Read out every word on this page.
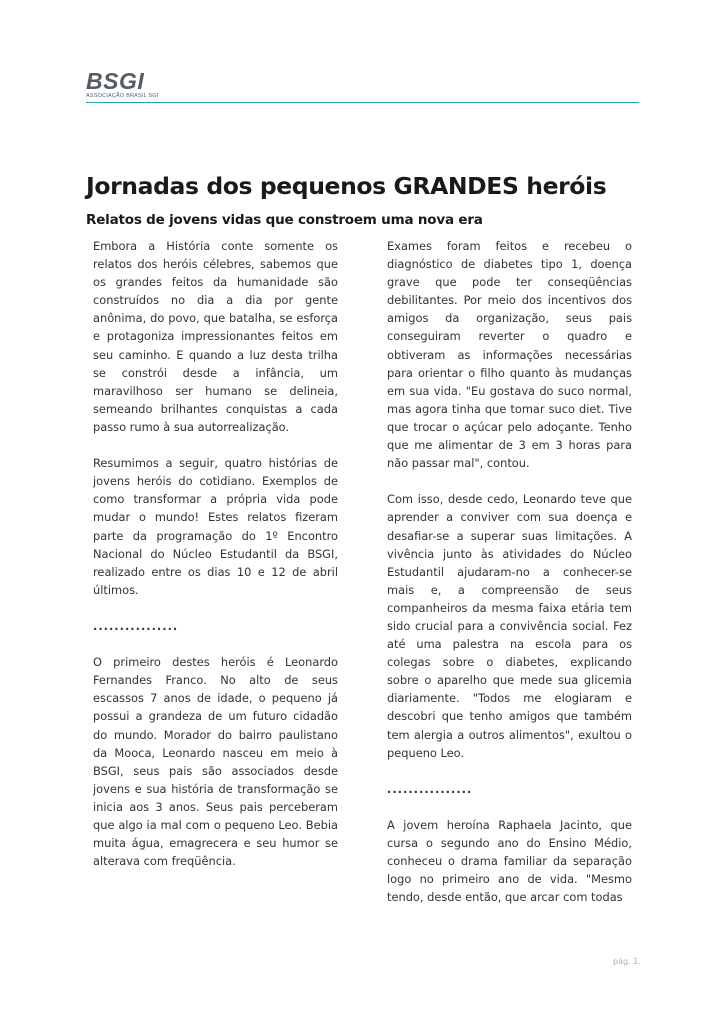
BSGI
ASSOCIAÇÃO BRASIL SGI
Jornadas dos pequenos GRANDES heróis
Relatos de jovens vidas que constroem uma nova era

Embora a História conte somente os relatos dos heróis célebres, sabemos que os grandes feitos da humanidade são construídos no dia a dia por gente anônima, do povo, que batalha, se esforça e protagoniza impressionantes feitos em seu caminho. E quando a luz desta trilha se constrói desde a infância, um maravilhoso ser humano se delineia, semeando brilhantes conquistas a cada passo rumo à sua autorrealização.

Resumimos a seguir, quatro histórias de jovens heróis do cotidiano. Exemplos de como transformar a própria vida pode mudar o mundo! Estes relatos fizeram parte da programação do 1º Encontro Nacional do Núcleo Estudantil da BSGI, realizado entre os dias 10 e 12 de abril últimos.

................

O primeiro destes heróis é Leonardo Fernandes Franco. No alto de seus escassos 7 anos de idade, o pequeno já possui a grandeza de um futuro cidadão do mundo. Morador do bairro paulistano da Mooca, Leonardo nasceu em meio à BSGI, seus pais são associados desde jovens e sua história de transformação se inicia aos 3 anos. Seus pais perceberam que algo ia mal com o pequeno Leo. Bebia muita água, emagrecera e seu humor se alterava com freqüência.

Exames foram feitos e recebeu o diagnóstico de diabetes tipo 1, doença grave que pode ter conseqüências debilitantes. Por meio dos incentivos dos amigos da organização, seus pais conseguiram reverter o quadro e obtiveram as informações necessárias para orientar o filho quanto às mudanças em sua vida. "Eu gostava do suco normal, mas agora tinha que tomar suco diet. Tive que trocar o açúcar pelo adoçante. Tenho que me alimentar de 3 em 3 horas para não passar mal", contou.

Com isso, desde cedo, Leonardo teve que aprender a conviver com sua doença e desafiar-se a superar suas limitações. A vivência junto às atividades do Núcleo Estudantil ajudaram-no a conhecer-se mais e, a compreensão de seus companheiros da mesma faixa etária tem sido crucial para a convivência social. Fez até uma palestra na escola para os colegas sobre o diabetes, explicando sobre o aparelho que mede sua glicemia diariamente. "Todos me elogiaram e descobri que tenho amigos que também tem alergia a outros alimentos", exultou o pequeno Leo.

................

A jovem heroína Raphaela Jacinto, que cursa o segundo ano do Ensino Médio, conheceu o drama familiar da separação logo no primeiro ano de vida. "Mesmo tendo, desde então, que arcar com todas

pág. 1.
